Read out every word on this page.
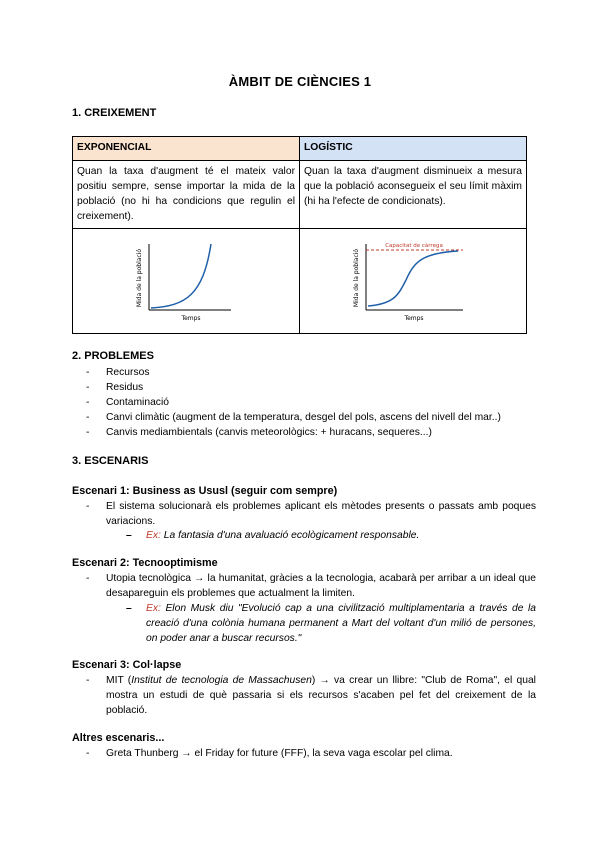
ÀMBIT DE CIÈNCIES 1
1. CREIXEMENT
EXPONENCIAL	LOGÍSTIC
Quan la taxa d'augment té el mateix valor positiu sempre, sense importar la mida de la població (no hi ha condicions que regulin el creixement).	Quan la taxa d'augment disminueix a mesura que la població aconsegueix el seu límit màxim (hi ha l'efecte de condicionats).

Mida de la població
Temps	Capacitat de càrrega
Mida de la població
Temps
2. PROBLEMES
- Recursos
- Residus
- Contaminació
- Canvi climàtic (augment de la temperatura, desgel del pols, ascens del nivell del mar..)
- Canvis mediambientals (canvis meteorològics: + huracans, sequeres...)
3. ESCENARIS
Escenari 1: Business as Ususl (seguir com sempre)
- El sistema solucionarà els problemes aplicant els mètodes presents o passats amb poques variacions.
– Ex: La fantasia d'una avaluació ecològicament responsable.
Escenari 2: Tecnooptimisme
- Utopia tecnològica → la humanitat, gràcies a la tecnologia, acabarà per arribar a un ideal que desapareguin els problemes que actualment la limiten.
– Ex: Elon Musk diu "Evolució cap a una civilització multiplamentaria a través de la creació d'una colònia humana permanent a Mart del voltant d'un milió de persones, on poder anar a buscar recursos."
Escenari 3: Col·lapse
- MIT (Institut de tecnologia de Massachusen) → va crear un llibre: "Club de Roma", el qual mostra un estudi de què passaria si els recursos s'acaben pel fet del creixement de la població.
Altres escenaris...
- Greta Thunberg → el Friday for future (FFF), la seva vaga escolar pel clima.
